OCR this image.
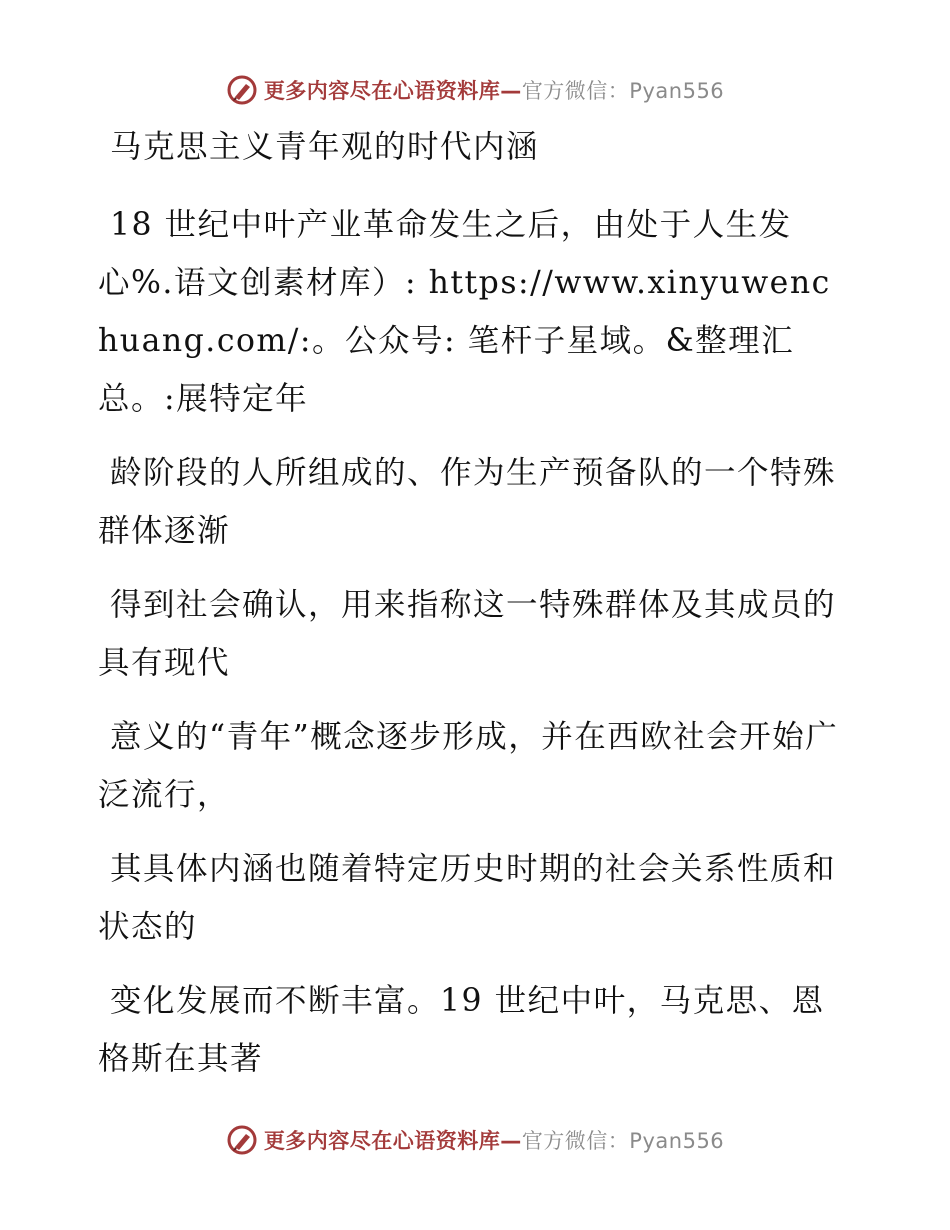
更多内容尽在心语资料库—官方微信：Pyan556

马克思主义青年观的时代内涵

18 世纪中叶产业革命发生之后，由处于人生发心%.语文创素材库）: https://www.xinyuwenchuang.com/:。公众号: 笔杆子星域。&整理汇总。:展特定年

龄阶段的人所组成的、作为生产预备队的一个特殊群体逐渐

得到社会确认，用来指称这一特殊群体及其成员的具有现代

意义的“青年”概念逐步形成，并在西欧社会开始广泛流行，

其具体内涵也随着特定历史时期的社会关系性质和状态的

变化发展而不断丰富。19 世纪中叶，马克思、恩格斯在其著

更多内容尽在心语资料库—官方微信：Pyan556
